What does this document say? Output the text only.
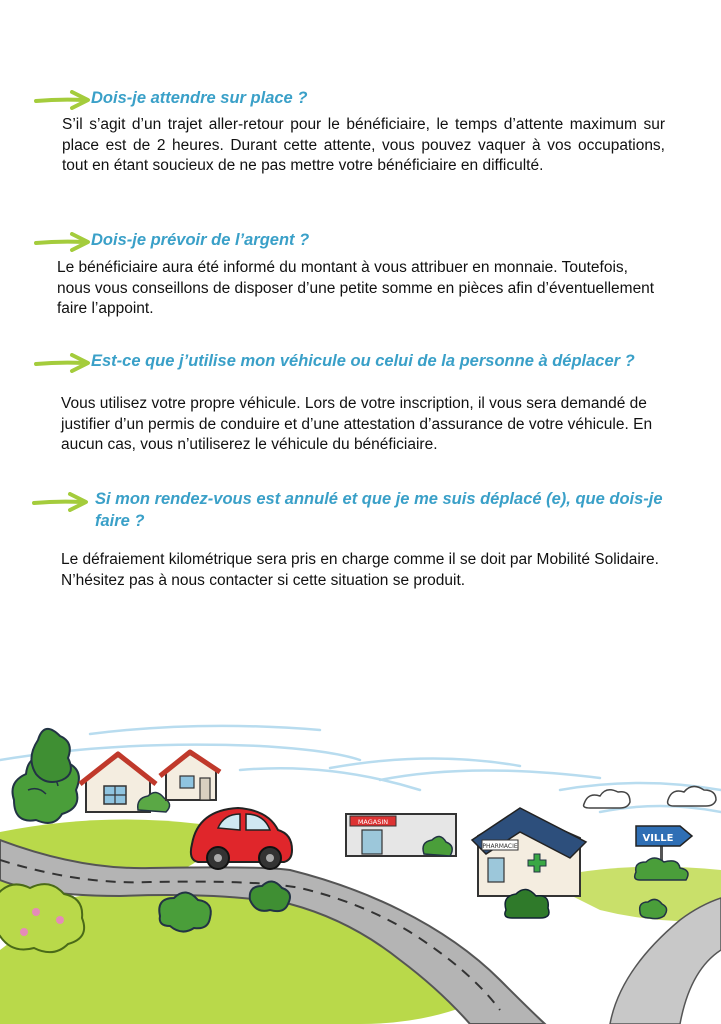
Dois-je attendre sur place ?

S’il s’agit d’un trajet aller-retour pour le bénéficiaire, le temps d’attente maximum sur place est de 2 heures. Durant cette attente, vous pouvez vaquer à vos occupations, tout en étant soucieux de ne pas mettre votre bénéficiaire en difficulté.

Dois-je prévoir de l’argent ?

Le bénéficiaire aura été informé du montant à vous attribuer en monnaie. Toutefois, nous vous conseillons de disposer d’une petite somme en pièces afin d’éventuellement faire l’appoint.

Est-ce que j’utilise mon véhicule ou celui de la personne à déplacer ?

Vous utilisez votre propre véhicule. Lors de votre inscription, il vous sera demandé de justifier d’un permis de conduire et d’une attestation d’assurance de votre véhicule. En aucun cas, vous n’utiliserez le véhicule du bénéficiaire.

Si mon rendez-vous est annulé et que je me suis déplacé (e), que dois-je faire ?

Le défraiement kilométrique sera pris en charge comme il se doit par Mobilité Solidaire. N’hésitez pas à nous contacter si cette situation se produit.

MAGASIN
PHARMACIE
VILLE
